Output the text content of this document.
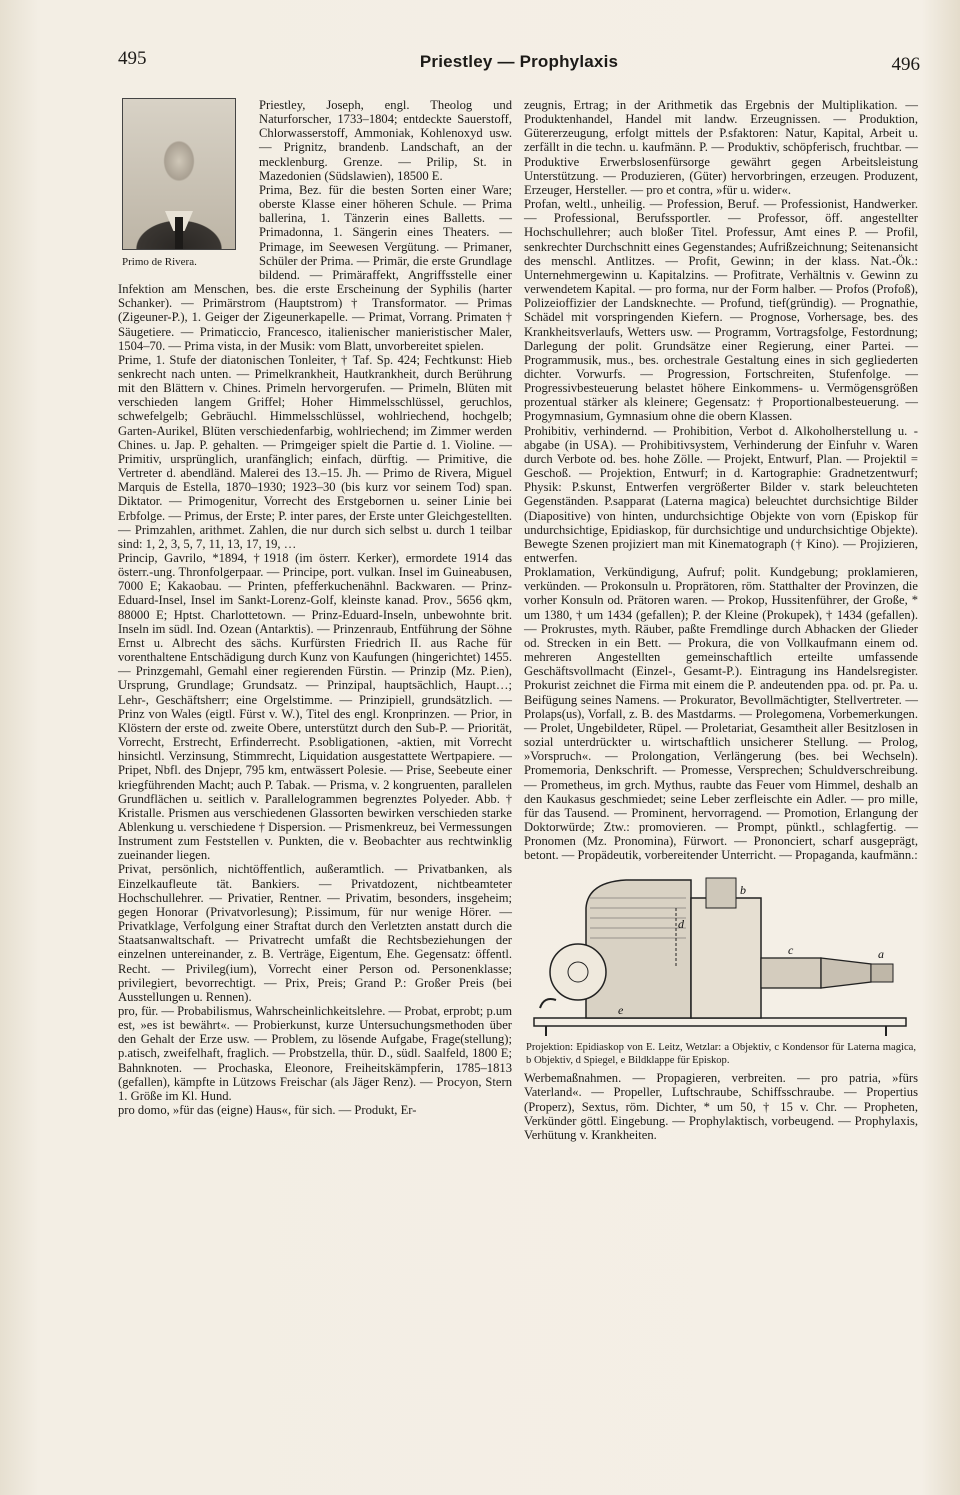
495	Priestley — Prophylaxis	496
Primo de Rivera.

Priestley, Joseph, engl. Theolog und Naturforscher, 1733–1804; entdeckte Sauerstoff, Chlorwasserstoff, Ammoniak, Kohlenoxyd usw. — Prignitz, brandenb. Landschaft, an der mecklenburg. Grenze. — Prilip, St. in Mazedonien (Südslawien), 18500 E.

Prima, Bez. für die besten Sorten einer Ware; oberste Klasse einer höheren Schule. — Prima ballerina, 1. Tänzerin eines Balletts. — Primadonna, 1. Sängerin eines Theaters. — Primage, im Seewesen Vergütung. — Primaner, Schüler der Prima. — Primär, die erste Grundlage bildend. — Primäraffekt, Angriffsstelle einer Infektion am Menschen, bes. die erste Erscheinung der Syphilis (harter Schanker). — Primärstrom (Hauptstrom) † Transformator. — Primas (Zigeuner-P.), 1. Geiger der Zigeunerkapelle. — Primat, Vorrang. Primaten † Säugetiere. — Primaticcio, Francesco, italienischer manieristischer Maler, 1504–70. — Prima vista, in der Musik: vom Blatt, unvorbereitet spielen.

Prime, 1. Stufe der diatonischen Tonleiter, † Taf. Sp. 424; Fechtkunst: Hieb senkrecht nach unten. — Primelkrankheit, Hautkrankheit, durch Berührung mit den Blättern v. Chines. Primeln hervorgerufen. — Primeln, Blüten mit verschieden langem Griffel; Hoher Himmelsschlüssel, geruchlos, schwefelgelb; Gebräuchl. Himmelsschlüssel, wohlriechend, hochgelb; Garten-Aurikel, Blüten verschiedenfarbig, wohlriechend; im Zimmer werden Chines. u. Jap. P. gehalten. — Primgeiger spielt die Partie d. 1. Violine. — Primitiv, ursprünglich, uranfänglich; einfach, dürftig. — Primitive, die Vertreter d. abendländ. Malerei des 13.–15. Jh. — Primo de Rivera, Miguel Marquis de Estella, 1870–1930; 1923–30 (bis kurz vor seinem Tod) span. Diktator. — Primogenitur, Vorrecht des Erstgebornen u. seiner Linie bei Erbfolge. — Primus, der Erste; P. inter pares, der Erste unter Gleichgestellten. — Primzahlen, arithmet. Zahlen, die nur durch sich selbst u. durch 1 teilbar sind: 1, 2, 3, 5, 7, 11, 13, 17, 19, …

Princip, Gavrilo, *1894, †1918 (im österr. Kerker), ermordete 1914 das österr.-ung. Thronfolgerpaar. — Principe, port. vulkan. Insel im Guineabusen, 7000 E; Kakaobau. — Printen, pfefferkuchenähnl. Backwaren. — Prinz-Eduard-Insel, Insel im Sankt-Lorenz-Golf, kleinste kanad. Prov., 5656 qkm, 88000 E; Hptst. Charlottetown. — Prinz-Eduard-Inseln, unbewohnte brit. Inseln im südl. Ind. Ozean (Antarktis). — Prinzenraub, Entführung der Söhne Ernst u. Albrecht des sächs. Kurfürsten Friedrich II. aus Rache für vorenthaltene Entschädigung durch Kunz von Kaufungen (hingerichtet) 1455. — Prinzgemahl, Gemahl einer regierenden Fürstin. — Prinzip (Mz. P.ien), Ursprung, Grundlage; Grundsatz. — Prinzipal, hauptsächlich, Haupt…; Lehr-, Geschäftsherr; eine Orgelstimme. — Prinzipiell, grundsätzlich. — Prinz von Wales (eigtl. Fürst v. W.), Titel des engl. Kronprinzen. — Prior, in Klöstern der erste od. zweite Obere, unterstützt durch den Sub-P. — Priorität, Vorrecht, Erstrecht, Erfinderrecht. P.sobligationen, -aktien, mit Vorrecht hinsichtl. Verzinsung, Stimmrecht, Liquidation ausgestattete Wertpapiere. — Pripet, Nbfl. des Dnjepr, 795 km, entwässert Polesie. — Prise, Seebeute einer kriegführenden Macht; auch P. Tabak. — Prisma, v. 2 kongruenten, parallelen Grundflächen u. seitlich v. Parallelogrammen begrenztes Polyeder. Abb. † Kristalle. Prismen aus verschiedenen Glassorten bewirken verschieden starke Ablenkung u. verschiedene † Dispersion. — Prismenkreuz, bei Vermessungen Instrument zum Feststellen v. Punkten, die v. Beobachter aus rechtwinklig zueinander liegen.

Privat, persönlich, nichtöffentlich, außeramtlich. — Privatbanken, als Einzelkaufleute tät. Bankiers. — Privatdozent, nichtbeamteter Hochschullehrer. — Privatier, Rentner. — Privatim, besonders, insgeheim; gegen Honorar (Privatvorlesung); P.issimum, für nur wenige Hörer. — Privatklage, Verfolgung einer Straftat durch den Verletzten anstatt durch die Staatsanwaltschaft. — Privatrecht umfaßt die Rechtsbeziehungen der einzelnen untereinander, z. B. Verträge, Eigentum, Ehe. Gegensatz: öffentl. Recht. — Privileg(ium), Vorrecht einer Person od. Personenklasse; privilegiert, bevorrechtigt. — Prix, Preis; Grand P.: Großer Preis (bei Ausstellungen u. Rennen).

pro, für. — Probabilismus, Wahrscheinlichkeitslehre. — Probat, erprobt; p.um est, »es ist bewährt«. — Probierkunst, kurze Untersuchungsmethoden über den Gehalt der Erze usw. — Problem, zu lösende Aufgabe, Frage(stellung); p.atisch, zweifelhaft, fraglich. — Probstzella, thür. D., südl. Saalfeld, 1800 E; Bahnknoten. — Prochaska, Eleonore, Freiheitskämpferin, 1785–1813 (gefallen), kämpfte in Lützows Freischar (als Jäger Renz). — Procyon, Stern 1. Größe im Kl. Hund.

pro domo, »für das (eigne) Haus«, für sich. — Produkt, Er-

zeugnis, Ertrag; in der Arithmetik das Ergebnis der Multiplikation. — Produktenhandel, Handel mit landw. Erzeugnissen. — Produktion, Gütererzeugung, erfolgt mittels der P.sfaktoren: Natur, Kapital, Arbeit u. zerfällt in die techn. u. kaufmänn. P. — Produktiv, schöpferisch, fruchtbar. — Produktive Erwerbslosenfürsorge gewährt gegen Arbeitsleistung Unterstützung. — Produzieren, (Güter) hervorbringen, erzeugen. Produzent, Erzeuger, Hersteller. — pro et contra, »für u. wider«.

Profan, weltl., unheilig. — Profession, Beruf. — Professionist, Handwerker. — Professional, Berufssportler. — Professor, öff. angestellter Hochschullehrer; auch bloßer Titel. Professur, Amt eines P. — Profil, senkrechter Durchschnitt eines Gegenstandes; Aufrißzeichnung; Seitenansicht des menschl. Antlitzes. — Profit, Gewinn; in der klass. Nat.-Ök.: Unternehmergewinn u. Kapitalzins. — Profitrate, Verhältnis v. Gewinn zu verwendetem Kapital. — pro forma, nur der Form halber. — Profos (Profoß), Polizeioffizier der Landsknechte. — Profund, tief(gründig). — Prognathie, Schädel mit vorspringenden Kiefern. — Prognose, Vorhersage, bes. des Krankheitsverlaufs, Wetters usw. — Programm, Vortragsfolge, Festordnung; Darlegung der polit. Grundsätze einer Regierung, einer Partei. — Programmusik, mus., bes. orchestrale Gestaltung eines in sich gegliederten dichter. Vorwurfs. — Progression, Fortschreiten, Stufenfolge. — Progressivbesteuerung belastet höhere Einkommens- u. Vermögensgrößen prozentual stärker als kleinere; Gegensatz: † Proportionalbesteuerung. — Progymnasium, Gymnasium ohne die obern Klassen.

Prohibitiv, verhindernd. — Prohibition, Verbot d. Alkoholherstellung u. -abgabe (in USA). — Prohibitivsystem, Verhinderung der Einfuhr v. Waren durch Verbote od. bes. hohe Zölle. — Projekt, Entwurf, Plan. — Projektil = Geschoß. — Projektion, Entwurf; in d. Kartographie: Gradnetzentwurf; Physik: P.skunst, Entwerfen vergrößerter Bilder v. stark beleuchteten Gegenständen. P.sapparat (Laterna magica) beleuchtet durchsichtige Bilder (Diapositive) von hinten, undurchsichtige Objekte von vorn (Episkop für undurchsichtige, Epidiaskop, für durchsichtige und undurchsichtige Objekte). Bewegte Szenen projiziert man mit Kinematograph († Kino). — Projizieren, entwerfen.

Proklamation, Verkündigung, Aufruf; polit. Kundgebung; proklamieren, verkünden. — Prokonsuln u. Proprätoren, röm. Statthalter der Provinzen, die vorher Konsuln od. Prätoren waren. — Prokop, Hussitenführer, der Große, * um 1380, † um 1434 (gefallen); P. der Kleine (Prokupek), † 1434 (gefallen). — Prokrustes, myth. Räuber, paßte Fremdlinge durch Abhacken der Glieder od. Strecken in ein Bett. — Prokura, die von Vollkaufmann einem od. mehreren Angestellten gemeinschaftlich erteilte umfassende Geschäftsvollmacht (Einzel-, Gesamt-P.). Eintragung ins Handelsregister. Prokurist zeichnet die Firma mit einem die P. andeutenden ppa. od. pr. Pa. u. Beifügung seines Namens. — Prokurator, Bevollmächtigter, Stellvertreter. — Prolaps(us), Vorfall, z. B. des Mastdarms. — Prolegomena, Vorbemerkungen. — Prolet, Ungebildeter, Rüpel. — Proletariat, Gesamtheit aller Besitzlosen in sozial unterdrückter u. wirtschaftlich unsicherer Stellung. — Prolog, »Vorspruch«. — Prolongation, Verlängerung (bes. bei Wechseln). Promemoria, Denkschrift. — Promesse, Versprechen; Schuldverschreibung. — Prometheus, im grch. Mythus, raubte das Feuer vom Himmel, deshalb an den Kaukasus geschmiedet; seine Leber zerfleischte ein Adler. — pro mille, für das Tausend. — Prominent, hervorragend. — Promotion, Erlangung der Doktorwürde; Ztw.: promovieren. — Prompt, pünktl., schlagfertig. — Pronomen (Mz. Pronomina), Fürwort. — Prononciert, scharf ausgeprägt, betont. — Propädeutik, vorbereitender Unterricht. — Propaganda, kaufmänn.:

a
b
c
d
e
Projektion: Epidiaskop von E. Leitz, Wetzlar: a Objektiv, c Kondensor für Laterna magica, b Objektiv, d Spiegel, e Bildklappe für Episkop.

Werbemaßnahmen. — Propagieren, verbreiten. — pro patria, »fürs Vaterland«. — Propeller, Luftschraube, Schiffsschraube. — Propertius (Properz), Sextus, röm. Dichter, * um 50, † 15 v. Chr. — Propheten, Verkünder göttl. Eingebung. — Prophylaktisch, vorbeugend. — Prophylaxis, Verhütung v. Krankheiten.
